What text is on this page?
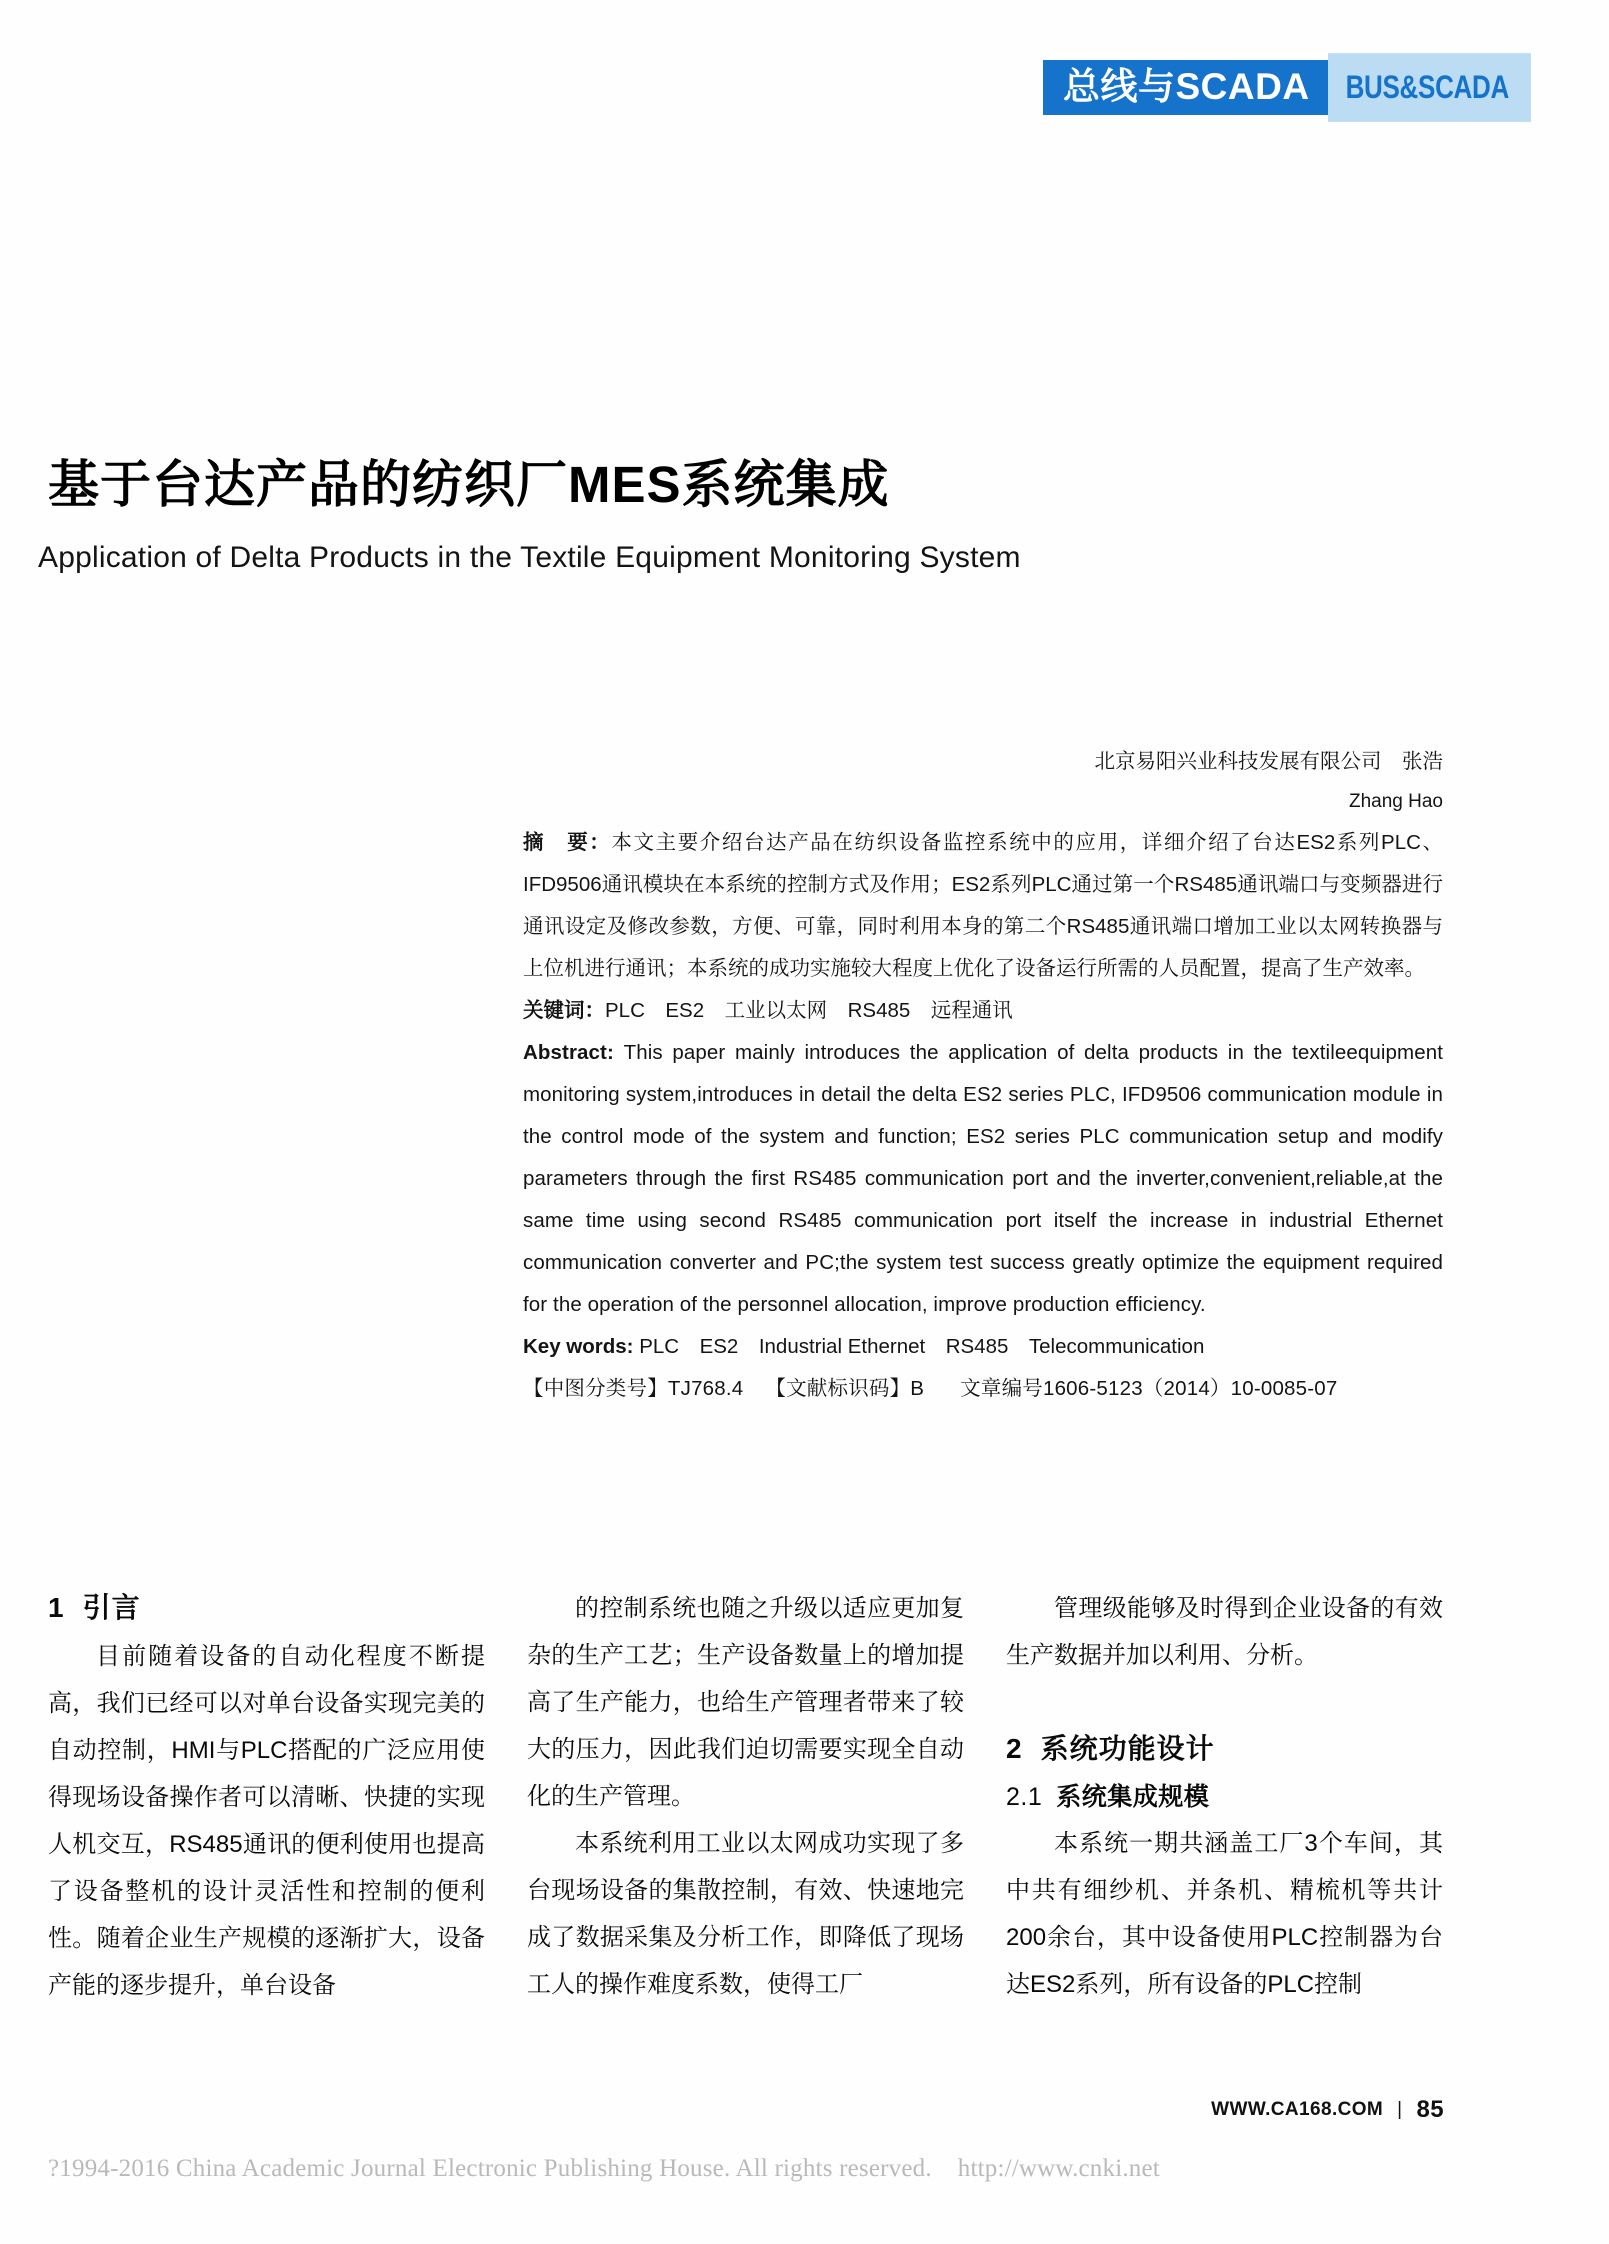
总线与SCADA	BUS&SCADA
基于台达产品的纺织厂MES系统集成
Application of Delta Products in the Textile Equipment Monitoring System
北京易阳兴业科技发展有限公司　张浩
Zhang Hao

摘　要：本文主要介绍台达产品在纺织设备监控系统中的应用，详细介绍了台达ES2系列PLC、IFD9506通讯模块在本系统的控制方式及作用；ES2系列PLC通过第一个RS485通讯端口与变频器进行通讯设定及修改参数，方便、可靠，同时利用本身的第二个RS485通讯端口增加工业以太网转换器与上位机进行通讯；本系统的成功实施较大程度上优化了设备运行所需的人员配置，提高了生产效率。

关键词：PLC　ES2　工业以太网　RS485　远程通讯

Abstract: This paper mainly introduces the application of delta products in the textileequipment monitoring system,introduces in detail the delta ES2 series PLC, IFD9506 communication module in the control mode of the system and function; ES2 series PLC communication setup and modify parameters through the first RS485 communication port and the inverter,convenient,reliable,at the same time using second RS485 communication port itself the increase in industrial Ethernet communication converter and PC;the system test success greatly optimize the equipment required for the operation of the personnel allocation, improve production efficiency.

Key words: PLC　ES2　Industrial Ethernet　RS485　Telecommunication

【中图分类号】TJ768.4 【文献标识码】B 文章编号1606-5123（2014）10-0085-07

1 引言

目前随着设备的自动化程度不断提高，我们已经可以对单台设备实现完美的自动控制，HMI与PLC搭配的广泛应用使得现场设备操作者可以清晰、快捷的实现人机交互，RS485通讯的便利使用也提高了设备整机的设计灵活性和控制的便利性。随着企业生产规模的逐渐扩大，设备产能的逐步提升，单台设备

的控制系统也随之升级以适应更加复杂的生产工艺；生产设备数量上的增加提高了生产能力，也给生产管理者带来了较大的压力，因此我们迫切需要实现全自动化的生产管理。

本系统利用工业以太网成功实现了多台现场设备的集散控制，有效、快速地完成了数据采集及分析工作，即降低了现场工人的操作难度系数，使得工厂

管理级能够及时得到企业设备的有效生产数据并加以利用、分析。

2 系统功能设计
2.1 系统集成规模

本系统一期共涵盖工厂3个车间，其中共有细纱机、并条机、精梳机等共计200余台，其中设备使用PLC控制器为台达ES2系列，所有设备的PLC控制

WWW.CA168.COM | 85
?1994-2016 China Academic Journal Electronic Publishing House. All rights reserved. http://www.cnki.net
